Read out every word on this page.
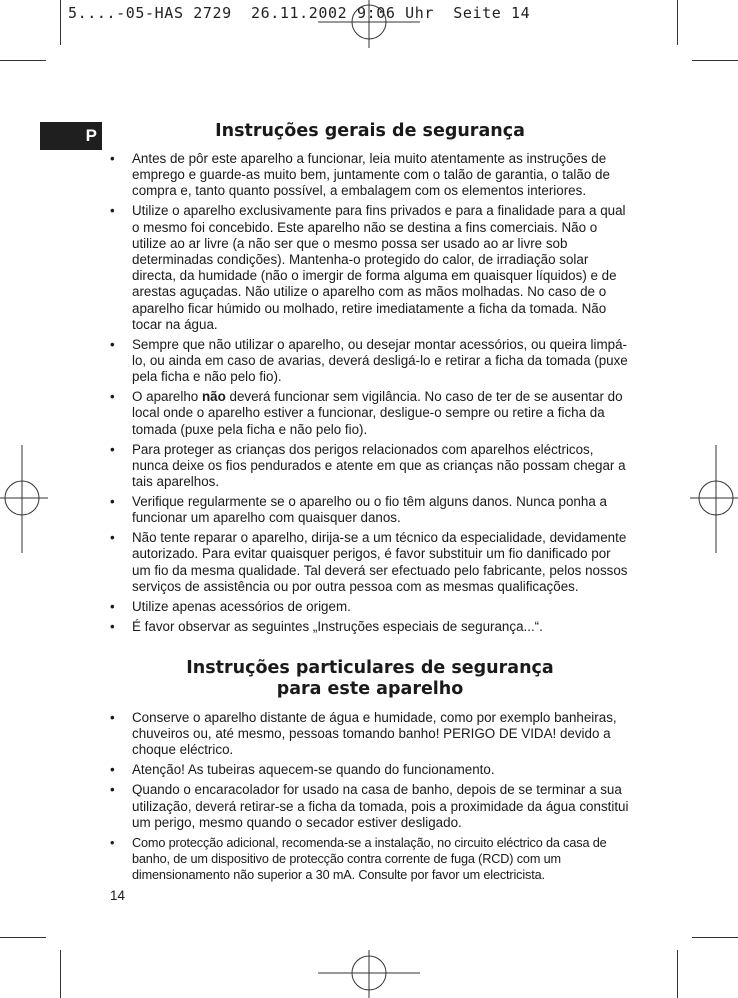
5....-05-HAS 2729 26.11.2002 9:06 Uhr Seite 14
P	Instruções gerais de segurança
• Antes de pôr este aparelho a funcionar, leia muito atentamente as instruções de emprego e guarde-as muito bem, juntamente com o talão de garantia, o talão de compra e, tanto quanto possível, a embalagem com os elementos interiores.
• Utilize o aparelho exclusivamente para fins privados e para a finalidade para a qual o mesmo foi concebido. Este aparelho não se destina a fins comerciais. Não o utilize ao ar livre (a não ser que o mesmo possa ser usado ao ar livre sob determinadas condições). Mantenha-o protegido do calor, de irradiação solar directa, da humidade (não o imergir de forma alguma em quaisquer líquidos) e de arestas aguçadas. Não utilize o aparelho com as mãos molhadas. No caso de o aparelho ficar húmido ou molhado, retire imediatamente a ficha da tomada. Não tocar na água.
• Sempre que não utilizar o aparelho, ou desejar montar acessórios, ou queira limpá-lo, ou ainda em caso de avarias, deverá desligá-lo e retirar a ficha da tomada (puxe pela ficha e não pelo fio).
• O aparelho não deverá funcionar sem vigilância. No caso de ter de se ausentar do local onde o aparelho estiver a funcionar, desligue-o sempre ou retire a ficha da tomada (puxe pela ficha e não pelo fio).
• Para proteger as crianças dos perigos relacionados com aparelhos eléctricos, nunca deixe os fios pendurados e atente em que as crianças não possam chegar a tais aparelhos.
• Verifique regularmente se o aparelho ou o fio têm alguns danos. Nunca ponha a funcionar um aparelho com quaisquer danos.
• Não tente reparar o aparelho, dirija-se a um técnico da especialidade, devidamente autorizado. Para evitar quaisquer perigos, é favor substituir um fio danificado por um fio da mesma qualidade. Tal deverá ser efectuado pelo fabricante, pelos nossos serviços de assistência ou por outra pessoa com as mesmas qualificações.
• Utilize apenas acessórios de origem.
• É favor observar as seguintes „Instruções especiais de segurança...“.
Instruções particulares de segurança
para este aparelho
• Conserve o aparelho distante de água e humidade, como por exemplo banheiras, chuveiros ou, até mesmo, pessoas tomando banho! PERIGO DE VIDA! devido a choque eléctrico.
• Atenção! As tubeiras aquecem-se quando do funcionamento.
• Quando o encaracolador for usado na casa de banho, depois de se terminar a sua utilização, deverá retirar-se a ficha da tomada, pois a proximidade da água constitui um perigo, mesmo quando o secador estiver desligado.
• Como protecção adicional, recomenda-se a instalação, no circuito eléctrico da casa de banho, de um dispositivo de protecção contra corrente de fuga (RCD) com um dimensionamento não superior a 30 mA. Consulte por favor um electricista.
14
